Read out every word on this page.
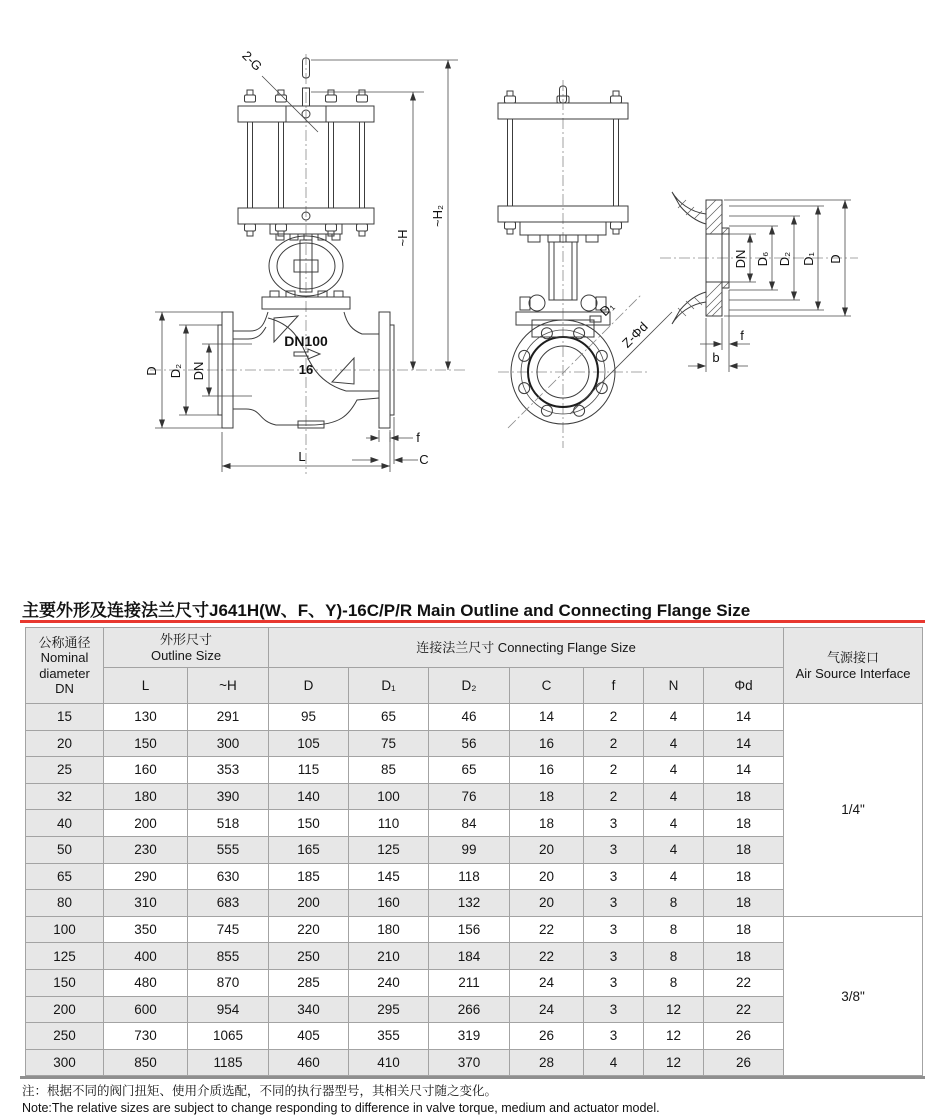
DN100
16
D D₂ DN
L
f
C
~H
~H₂
2-G
D₁
Z-Φd
DN D₆ D₂ D₁ D
f
b
主要外形及连接法兰尺寸J641H(W、F、Y)-16C/P/R Main Outline and Connecting Flange Size
公称通径
Nominal
diameter
DN	外形尺寸
Outline Size		连接法兰尺寸 Connecting Flange Size							气源接口
Air Source Interface

	L	~H	D	D₁	D₂	C	f	N	Φd	
15	130	291	95	65	46	14	2	4	14	1/4"
20	150	300	105	75	56	16	2	4	14	
25	160	353	115	85	65	16	2	4	14	
32	180	390	140	100	76	18	2	4	18	
40	200	518	150	110	84	18	3	4	18	
50	230	555	165	125	99	20	3	4	18	
65	290	630	185	145	118	20	3	4	18	
80	310	683	200	160	132	20	3	8	18	
100	350	745	220	180	156	22	3	8	18	3/8"
125	400	855	250	210	184	22	3	8	18	
150	480	870	285	240	211	24	3	8	22	
200	600	954	340	295	266	24	3	12	22	
250	730	1065	405	355	319	26	3	12	26	
300	850	1185	460	410	370	28	4	12	26	
注：根据不同的阀门扭矩、使用介质选配，不同的执行器型号，其相关尺寸随之变化。
Note:The relative sizes are subject to change responding to difference in valve torque, medium and actuator model.
